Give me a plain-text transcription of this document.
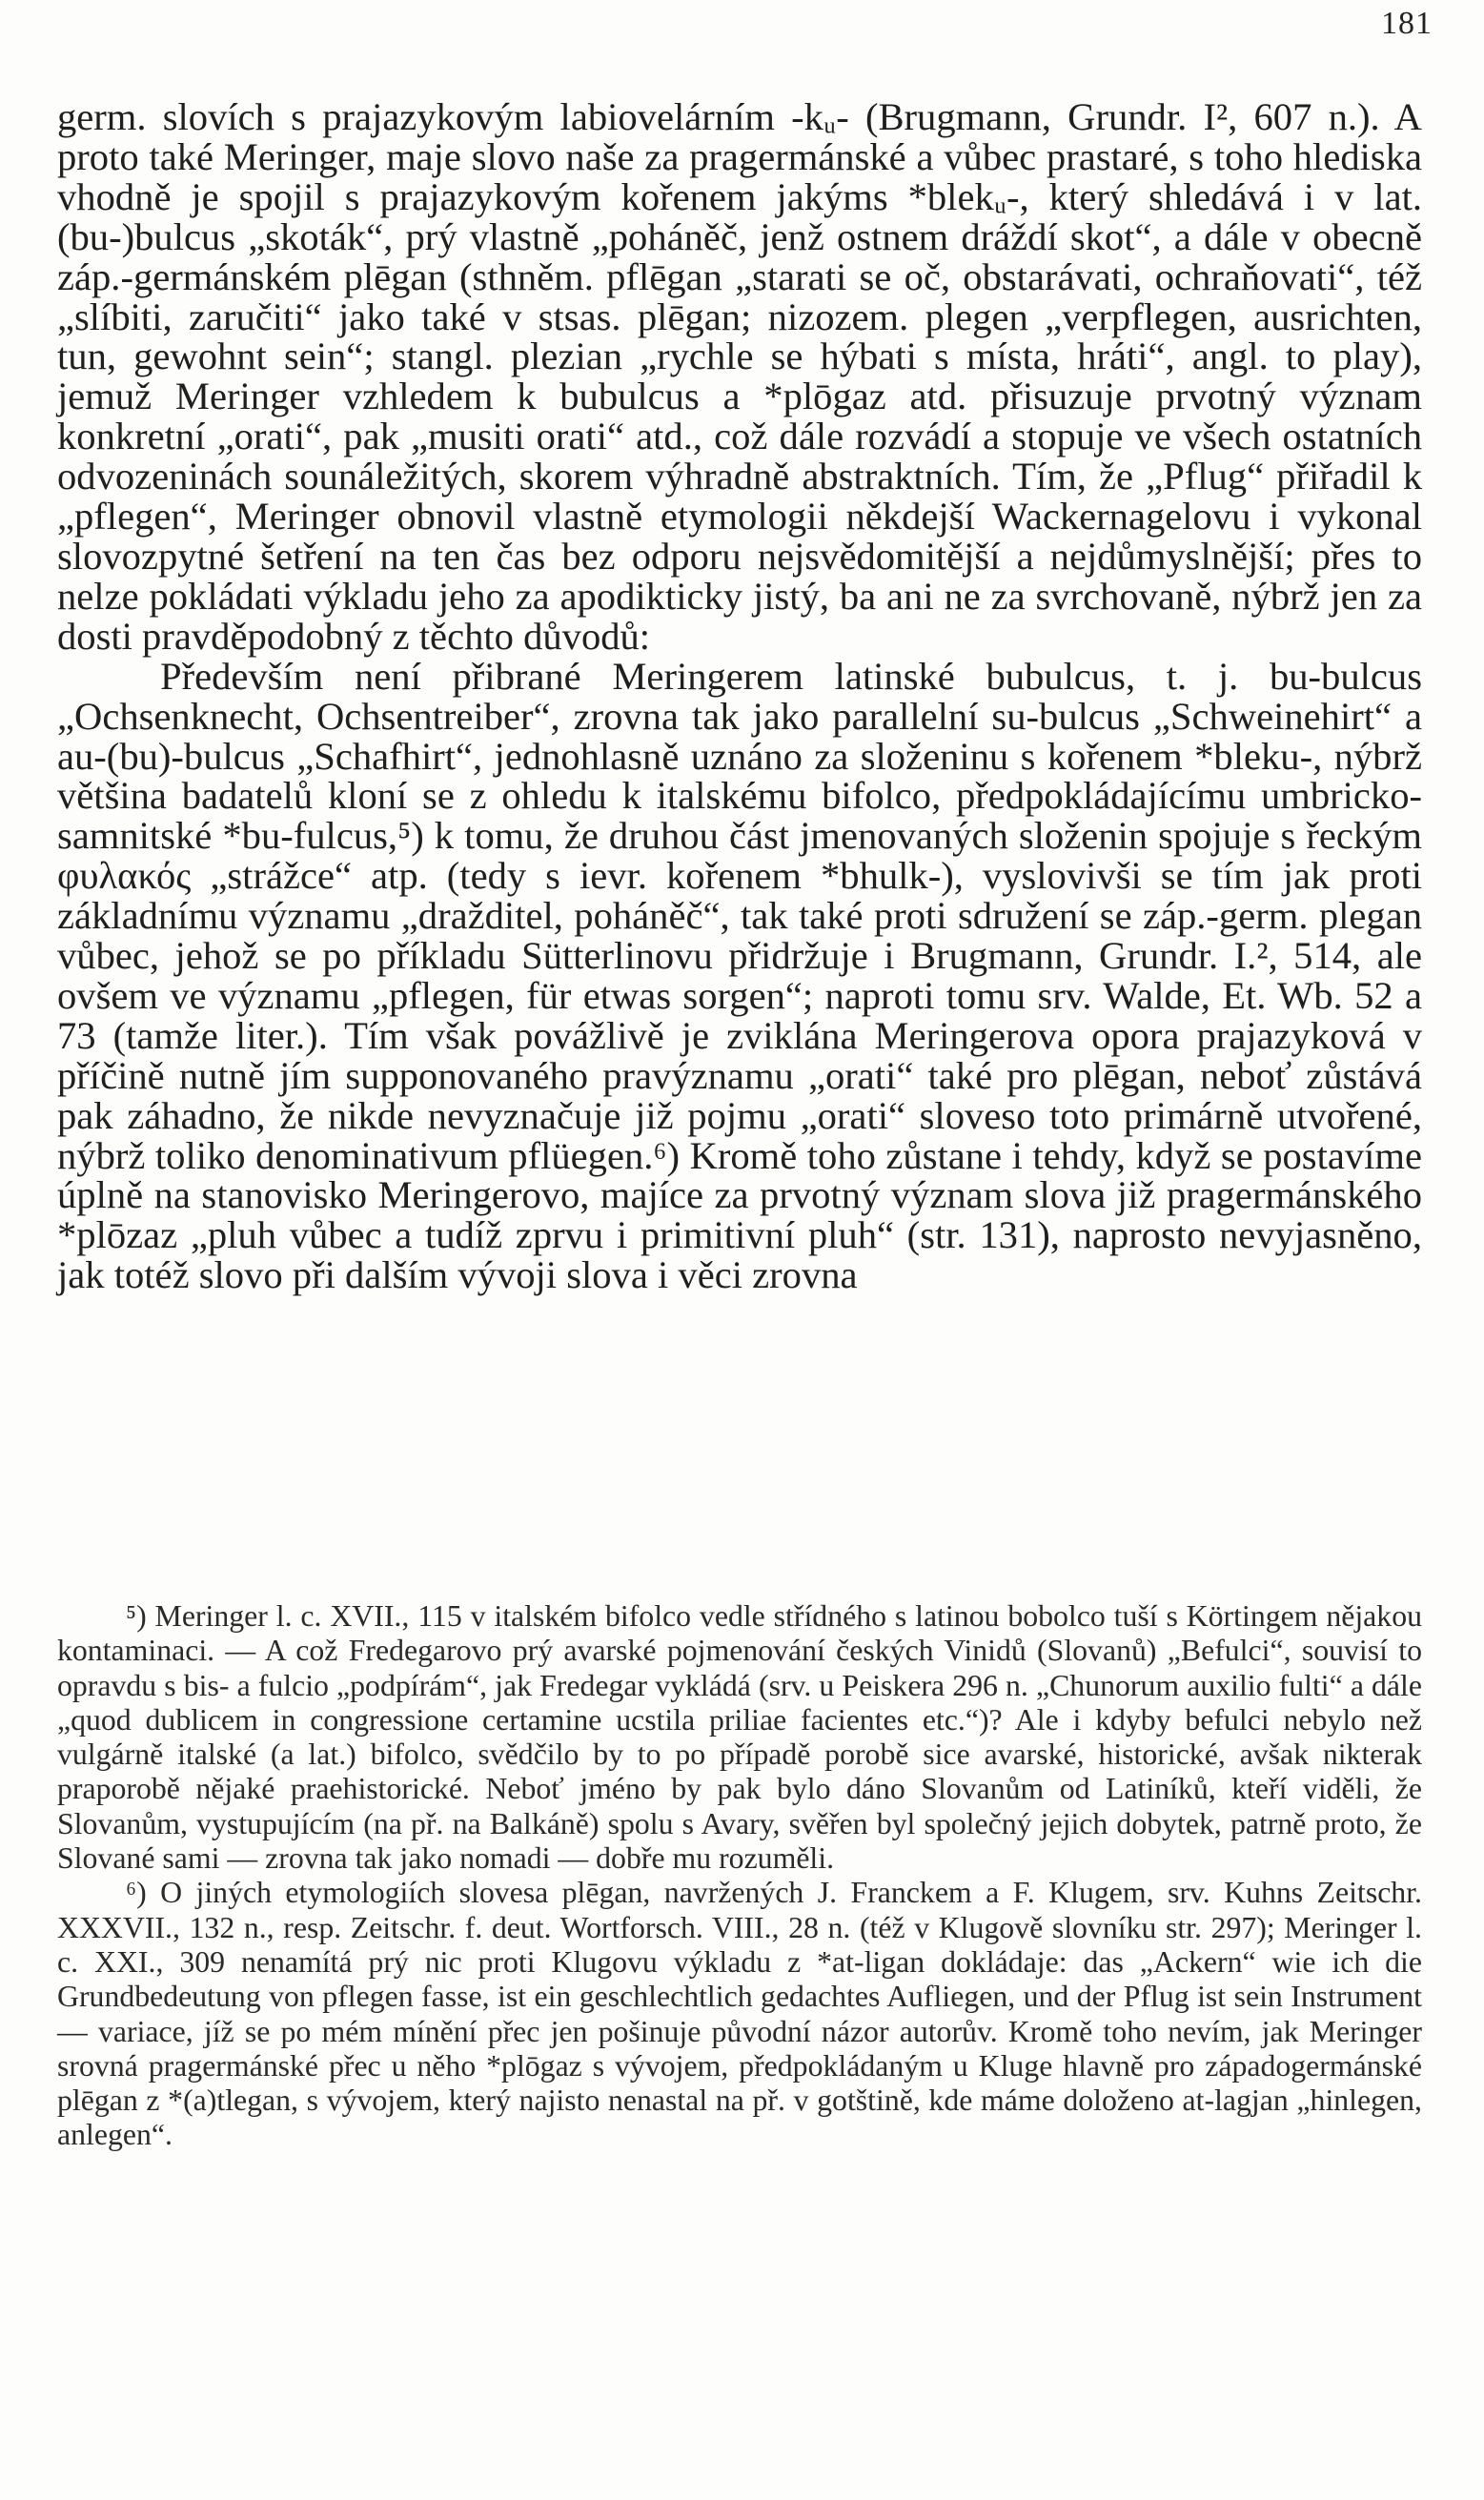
181

germ. slovích s prajazykovým labiovelárním -kᵤ- (Brugmann, Grundr. I², 607 n.). A proto také Meringer, maje slovo naše za pragermánské a vůbec prastaré, s toho hlediska vhodně je spojil s prajazykovým kořenem jakýms *blekᵤ-, který shledává i v lat. (bu-)bulcus „skoták“, prý vlastně „poháněč, jenž ostnem dráždí skot“, a dále v obecně záp.-germánském plēgan (sthněm. pflēgan „starati se oč, obstarávati, ochraňovati“, též „slíbiti, zaručiti“ jako také v stsas. plēgan; nizozem. plegen „verpflegen, ausrichten, tun, gewohnt sein“; stangl. plezian „rychle se hýbati s místa, hráti“, angl. to play), jemuž Meringer vzhledem k bubulcus a *plōgaz atd. přisuzuje prvotný význam konkretní „orati“, pak „musiti orati“ atd., což dále rozvádí a stopuje ve všech ostatních odvozeninách sounáležitých, skorem výhradně abstraktních. Tím, že „Pflug“ přiřadil k „pflegen“, Meringer obnovil vlastně etymologii někdejší Wackernagelovu i vykonal slovozpytné šetření na ten čas bez odporu nejsvědomitější a nejdůmyslnější; přes to nelze pokládati výkladu jeho za apodikticky jistý, ba ani ne za svrchovaně, nýbrž jen za dosti pravděpodobný z těchto důvodů:

Především není přibrané Meringerem latinské bubulcus, t. j. bu-bulcus „Ochsenknecht, Ochsentreiber“, zrovna tak jako parallelní su-bulcus „Schweinehirt“ a au-(bu)-bulcus „Schafhirt“, jednohlasně uznáno za složeninu s kořenem *bleku-, nýbrž většina badatelů kloní se z ohledu k italskému bifolco, předpokládajícímu umbricko-samnitské *bu-fulcus,⁵) k tomu, že druhou část jmenovaných složenin spojuje s řeckým φυλακός „strážce“ atp. (tedy s ievr. kořenem *bhulk-), vyslovivši se tím jak proti základnímu významu „dražditel, poháněč“, tak také proti sdružení se záp.-germ. plegan vůbec, jehož se po příkladu Sütterlinovu přidržuje i Brugmann, Grundr. I.², 514, ale ovšem ve významu „pflegen, für etwas sorgen“; naproti tomu srv. Walde, Et. Wb. 52 a 73 (tamže liter.). Tím však povážlivě je zviklána Meringerova opora prajazyková v příčině nutně jím supponovaného pravýznamu „orati“ také pro plēgan, neboť zůstává pak záhadno, že nikde nevyznačuje již pojmu „orati“ sloveso toto primárně utvořené, nýbrž toliko denominativum pflüegen.⁶) Kromě toho zůstane i tehdy, když se postavíme úplně na stanovisko Meringerovo, majíce za prvotný význam slova již pragermánského *plōzaz „pluh vůbec a tudíž zprvu i primitivní pluh“ (str. 131), naprosto nevyjasněno, jak totéž slovo při dalším vývoji slova i věci zrovna

⁵) Meringer l. c. XVII., 115 v italském bifolco vedle střídného s latinou bobolco tuší s Körtingem nějakou kontaminaci. — A což Fredegarovo prý avarské pojmenování českých Vinidů (Slovanů) „Befulci“, souvisí to opravdu s bis- a fulcio „podpírám“, jak Fredegar vykládá (srv. u Peiskera 296 n. „Chunorum auxilio fulti“ a dále „quod dublicem in congressione certamine ucstila priliae facientes etc.“)? Ale i kdyby befulci nebylo než vulgárně italské (a lat.) bifolco, svědčilo by to po případě porobě sice avarské, historické, avšak nikterak praporobě nějaké praehistorické. Neboť jméno by pak bylo dáno Slovanům od Latiníků, kteří viděli, že Slovanům, vystupujícím (na př. na Balkáně) spolu s Avary, svěřen byl společný jejich dobytek, patrně proto, že Slované sami — zrovna tak jako nomadi — dobře mu rozuměli.

⁶) O jiných etymologiích slovesa plēgan, navržených J. Franckem a F. Klugem, srv. Kuhns Zeitschr. XXXVII., 132 n., resp. Zeitschr. f. deut. Wortforsch. VIII., 28 n. (též v Klugově slovníku str. 297); Meringer l. c. XXI., 309 nenamítá prý nic proti Klugovu výkladu z *at-ligan dokládaje: das „Ackern“ wie ich die Grundbedeutung von pflegen fasse, ist ein geschlechtlich gedachtes Aufliegen, und der Pflug ist sein Instrument — variace, jíž se po mém mínění přec jen pošinuje původní názor autorův. Kromě toho nevím, jak Meringer srovná pragermánské přec u něho *plōgaz s vývojem, předpokládaným u Kluge hlavně pro západogermánské plēgan z *(a)tlegan, s vývojem, který najisto nenastal na př. v gotštině, kde máme doloženo at-lagjan „hinlegen, anlegen“.
